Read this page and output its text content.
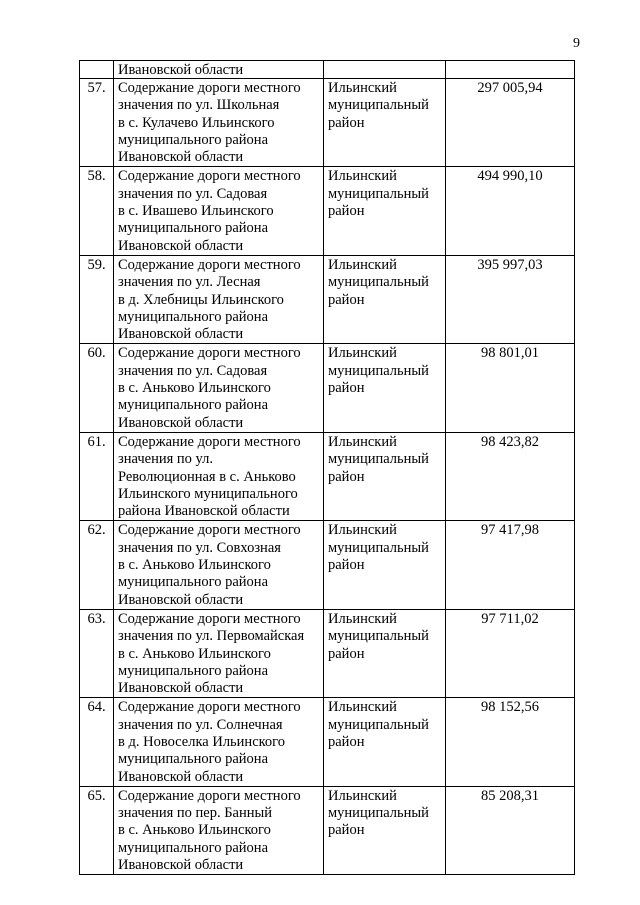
9
	Ивановской области		
57.	Содержание дороги местного
значения по ул. Школьная
в с. Кулачево Ильинского
муниципального района
Ивановской области	Ильинский
муниципальный
район	297 005,94
58.	Содержание дороги местного
значения по ул. Садовая
в с. Ивашево Ильинского
муниципального района
Ивановской области	Ильинский
муниципальный
район	494 990,10
59.	Содержание дороги местного
значения по ул. Лесная
в д. Хлебницы Ильинского
муниципального района
Ивановской области	Ильинский
муниципальный
район	395 997,03
60.	Содержание дороги местного
значения по ул. Садовая
в с. Аньково Ильинского
муниципального района
Ивановской области	Ильинский
муниципальный
район	98 801,01
61.	Содержание дороги местного
значения по ул.
Революционная в с. Аньково
Ильинского муниципального
района Ивановской области	Ильинский
муниципальный
район	98 423,82
62.	Содержание дороги местного
значения по ул. Совхозная
в с. Аньково Ильинского
муниципального района
Ивановской области	Ильинский
муниципальный
район	97 417,98
63.	Содержание дороги местного
значения по ул. Первомайская
в с. Аньково Ильинского
муниципального района
Ивановской области	Ильинский
муниципальный
район	97 711,02
64.	Содержание дороги местного
значения по ул. Солнечная
в д. Новоселка Ильинского
муниципального района
Ивановской области	Ильинский
муниципальный
район	98 152,56
65.	Содержание дороги местного
значения по пер. Банный
в с. Аньково Ильинского
муниципального района
Ивановской области	Ильинский
муниципальный
район	85 208,31
